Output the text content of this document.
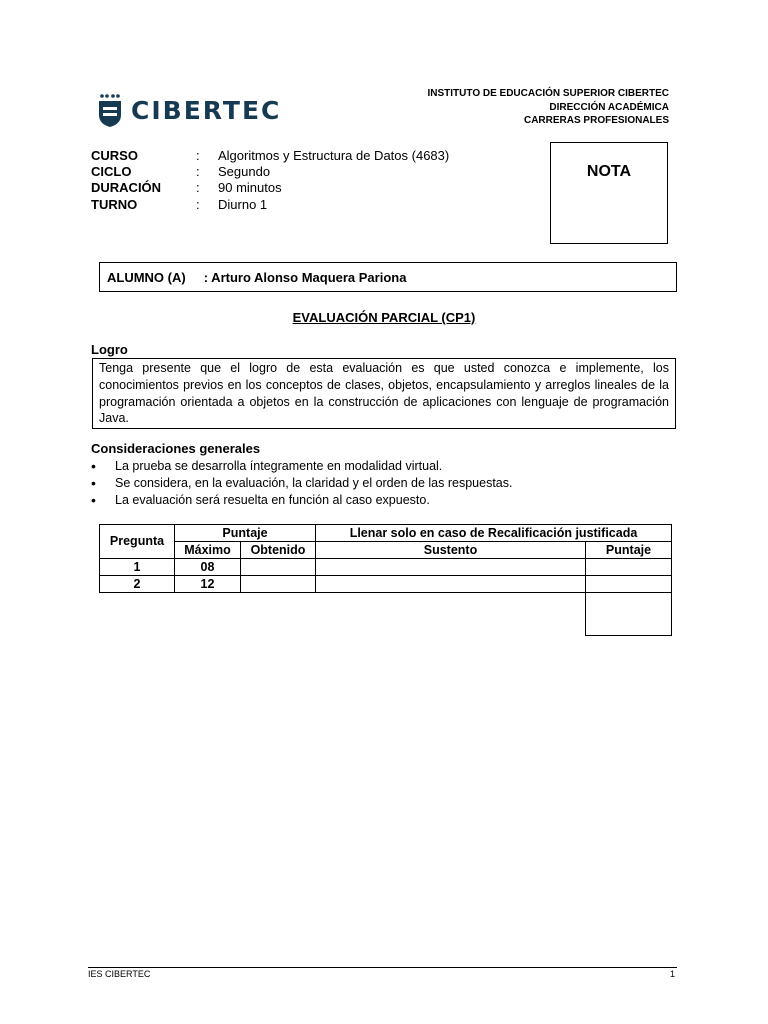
CIBERTEC
INSTITUTO DE EDUCACIÓN SUPERIOR CIBERTEC
DIRECCIÓN ACADÉMICA
CARRERAS PROFESIONALES
CURSO	:	Algoritmos y Estructura de Datos (4683)
CICLO	:	Segundo
DURACIÓN	:	90 minutos
TURNO	:	Diurno 1
NOTA
ALUMNO (A) : Arturo Alonso Maquera Pariona
EVALUACIÓN PARCIAL (CP1)
Logro
Tenga presente que el logro de esta evaluación es que usted conozca e implemente, los conocimientos previos en los conceptos de clases, objetos, encapsulamiento y arreglos lineales de la programación orientada a objetos en la construcción de aplicaciones con lenguaje de programación Java.
Consideraciones generales
• La prueba se desarrolla íntegramente en modalidad virtual.
• Se considera, en la evaluación, la claridad y el orden de las respuestas.
• La evaluación será resuelta en función al caso expuesto.
Pregunta	Puntaje		Llenar solo en caso de Recalificación justificada	
	Máximo	Obtenido	Sustento	Puntaje
1	08			
2	12			
IES CIBERTEC	1
